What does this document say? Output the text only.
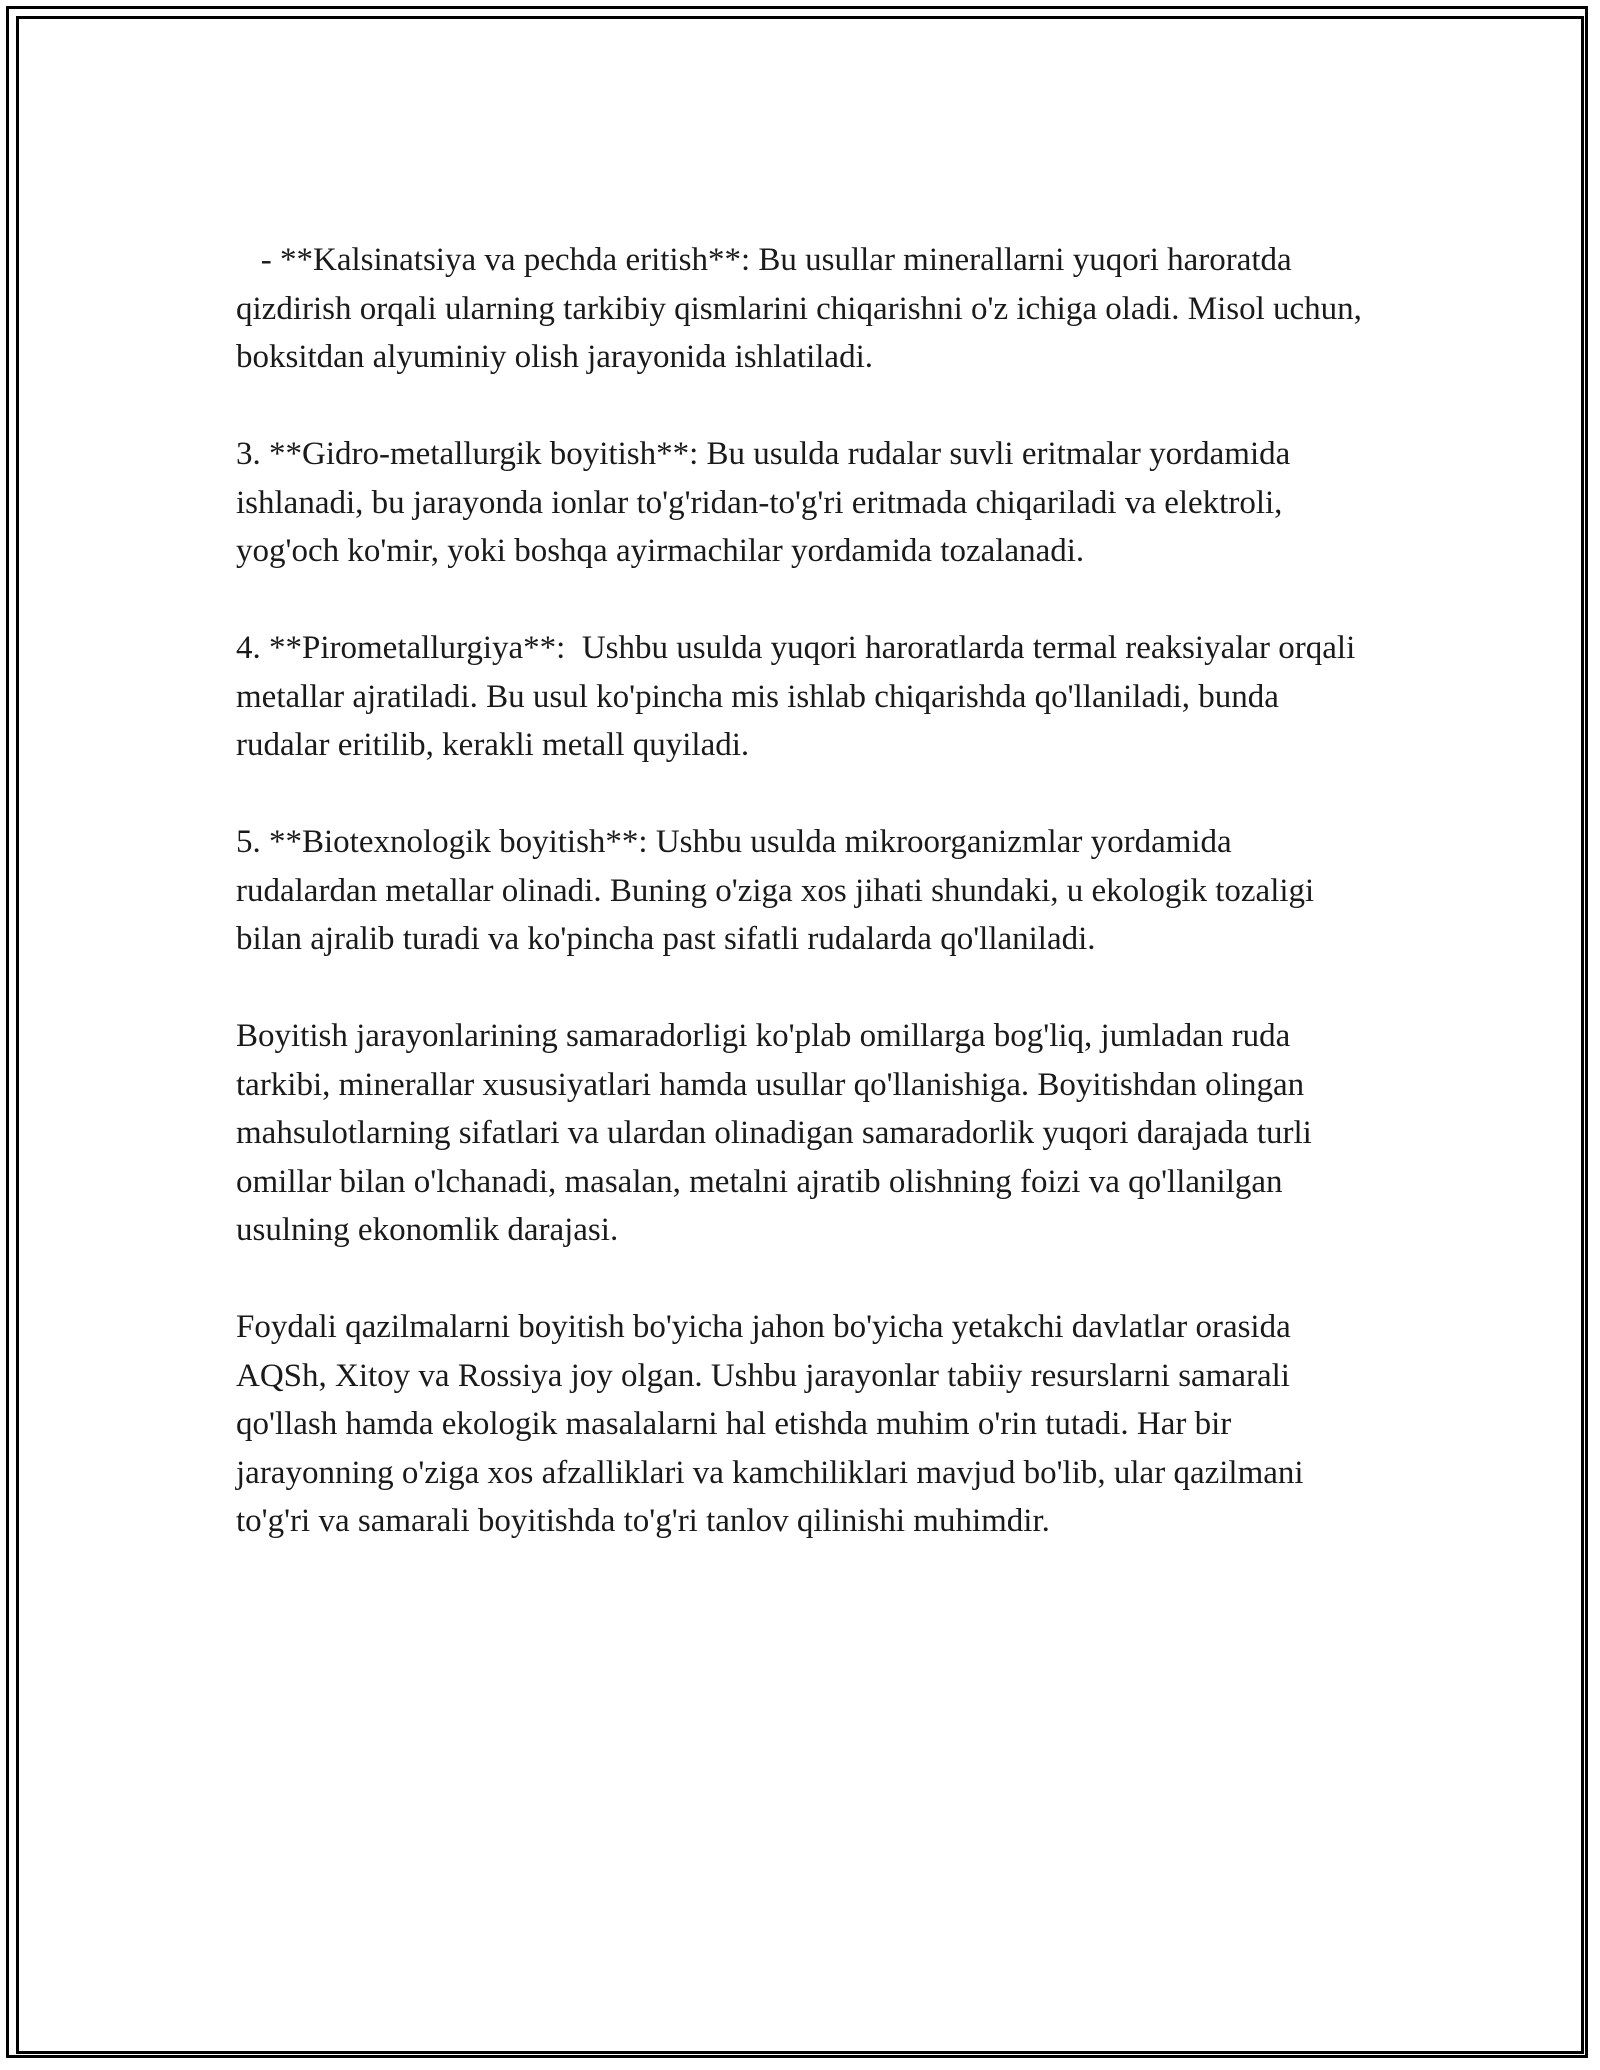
- **Kalsinatsiya va pechda eritish**: Bu usullar minerallarni yuqori haroratda qizdirish orqali ularning tarkibiy qismlarini chiqarishni o'z ichiga oladi. Misol uchun, boksitdan alyuminiy olish jarayonida ishlatiladi.

3. **Gidro-metallurgik boyitish**: Bu usulda rudalar suvli eritmalar yordamida ishlanadi, bu jarayonda ionlar to'g'ridan-to'g'ri eritmada chiqariladi va elektroli, yog'och ko'mir, yoki boshqa ayirmachilar yordamida tozalanadi.

4. **Pirometallurgiya**:  Ushbu usulda yuqori haroratlarda termal reaksiyalar orqali metallar ajratiladi. Bu usul ko'pincha mis ishlab chiqarishda qo'llaniladi, bunda rudalar eritilib, kerakli metall quyiladi.

5. **Biotexnologik boyitish**: Ushbu usulda mikroorganizmlar yordamida rudalardan metallar olinadi. Buning o'ziga xos jihati shundaki, u ekologik tozaligi bilan ajralib turadi va ko'pincha past sifatli rudalarda qo'llaniladi.

Boyitish jarayonlarining samaradorligi ko'plab omillarga bog'liq, jumladan ruda tarkibi, minerallar xususiyatlari hamda usullar qo'llanishiga. Boyitishdan olingan mahsulotlarning sifatlari va ulardan olinadigan samaradorlik yuqori darajada turli omillar bilan o'lchanadi, masalan, metalni ajratib olishning foizi va qo'llanilgan usulning ekonomlik darajasi.

Foydali qazilmalarni boyitish bo'yicha jahon bo'yicha yetakchi davlatlar orasida AQSh, Xitoy va Rossiya joy olgan. Ushbu jarayonlar tabiiy resurslarni samarali qo'llash hamda ekologik masalalarni hal etishda muhim o'rin tutadi. Har bir jarayonning o'ziga xos afzalliklari va kamchiliklari mavjud bo'lib, ular qazilmani to'g'ri va samarali boyitishda to'g'ri tanlov qilinishi muhimdir.
